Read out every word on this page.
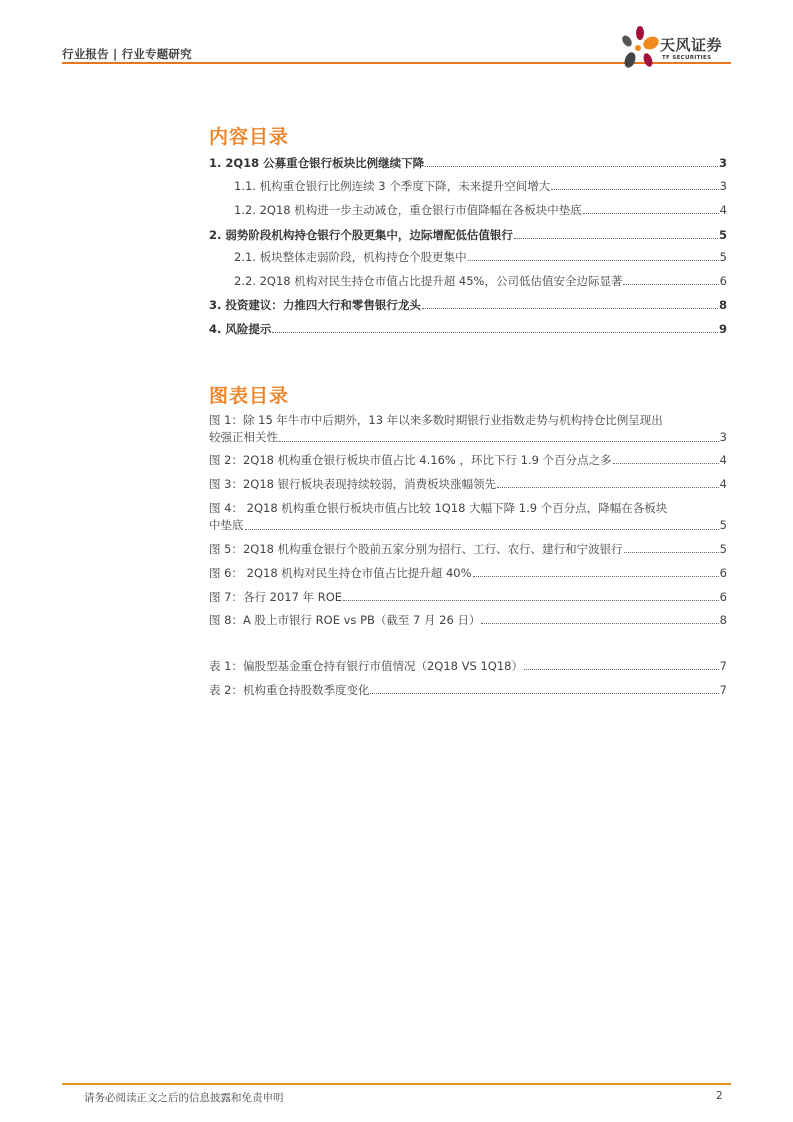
行业报告 | 行业专题研究	天风证券
TF SECURITIES
内容目录
1. 2Q18 公募重仓银行板块比例继续下降	3
1.1. 机构重仓银行比例连续 3 个季度下降，未来提升空间增大	3
1.2. 2Q18 机构进一步主动减仓，重仓银行市值降幅在各板块中垫底	4
2. 弱势阶段机构持仓银行个股更集中，边际增配低估值银行	5
2.1. 板块整体走弱阶段，机构持仓个股更集中	5
2.2. 2Q18 机构对民生持仓市值占比提升超 45%，公司低估值安全边际显著	6
3. 投资建议：力推四大行和零售银行龙头	8
4. 风险提示	9
图表目录
图 1：除 15 年牛市中后期外，13 年以来多数时期银行业指数走势与机构持仓比例呈现出
较强正相关性	3
图 2：2Q18 机构重仓银行板块市值占比 4.16% ，环比下行 1.9 个百分点之多	4
图 3：2Q18 银行板块表现持续较弱，消费板块涨幅领先	4
图 4： 2Q18 机构重仓银行板块市值占比较 1Q18 大幅下降 1.9 个百分点，降幅在各板块
中垫底	5
图 5：2Q18 机构重仓银行个股前五家分别为招行、工行、农行、建行和宁波银行	5
图 6： 2Q18 机构对民生持仓市值占比提升超 40%	6
图 7：各行 2017 年 ROE	6
图 8：A 股上市银行 ROE vs PB（截至 7 月 26 日）	8
表 1：偏股型基金重仓持有银行市值情况（2Q18 VS 1Q18）	7
表 2：机构重仓持股数季度变化	7
请务必阅读正文之后的信息披露和免责申明	2
